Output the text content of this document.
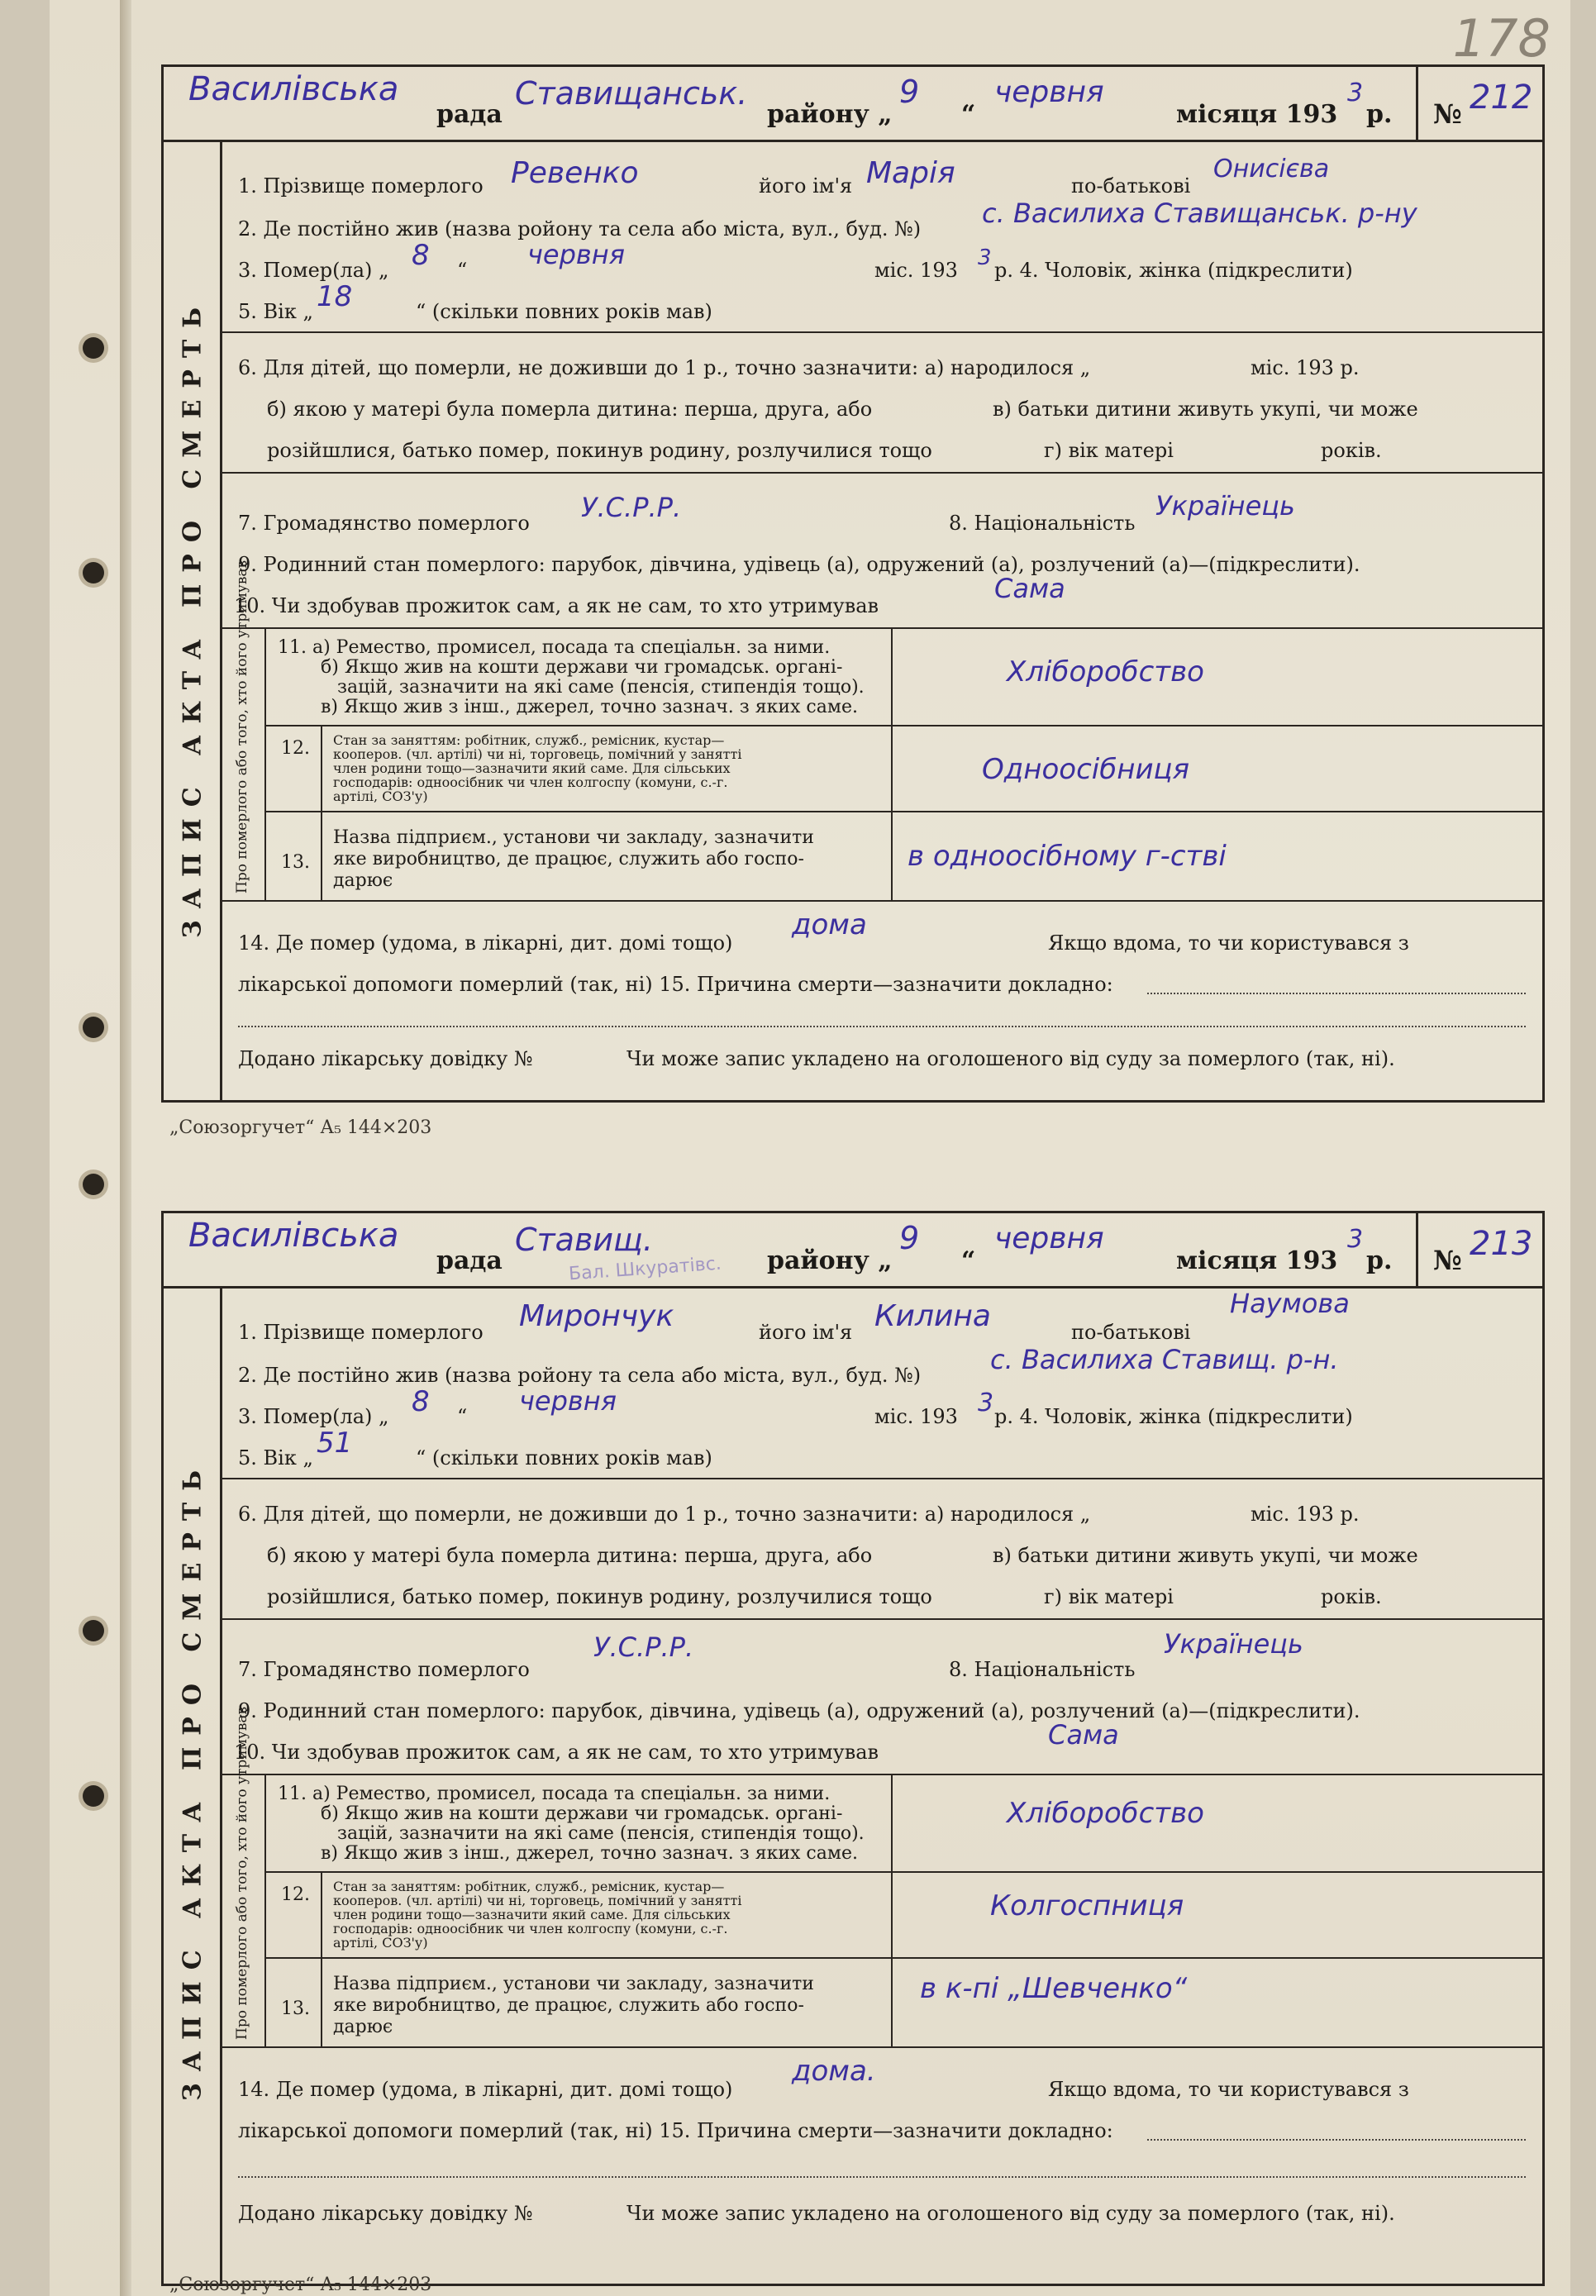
178
Василівська
рада
Ставищанськ.
району „
9
“
червня
місяця 193
3
р. № 212
ЗАПИС АКТА ПРО СМЕРТЬ
1. Прізвище померлого Ревенко	його ім'я Марія	по-батькові
Онисієва
2. Де постійно жив (назва ройону та села або міста, вул., буд. №) с. Василиха Ставищанськ. р-ну
3. Помер(ла) „ 8 “ червня	міс. 193 3 р. 4. Чоловік, жінка (підкреслити)
5. Вік „ 18	“ (скільки повних років мав)
6. Для дітей, що померли, не доживши до 1 р., точно зазначити: а) народилося „	міс. 193 р.
б) якою у матері була померла дитина: перша, друга, або	в) батьки дитини живуть укупі, чи може
розійшлися, батько помер, покинув родину, розлучилися тощо	г) вік матері	років.
7. Громадянство померлого У.С.Р.Р.	8. Національність
Українець
9. Родинний стан померлого: парубок, дівчина, удівець (а), одружений (а), розлучений (а)—(підкреслити).
10. Чи здобував прожиток сам, а як не сам, то хто утримував
Сама
Про померлого або того, хто його утримував 11. а) Ремество, промисел, посада та спеціальн. за ними.
б) Якщо жив на кошти держави чи громадськ. органі-
зацій, зазначити на які саме (пенсія, стипендія тощо).
в) Якщо жив з інш., джерел, точно зазнач. з яких саме.
Хліборобство
12. Стан за заняттям: робітник, служб., ремісник, кустар—
кооперов. (чл. артілі) чи ні, торговець, помічний у занятті
член родини тощо—зазначити який саме. Для сільських
господарів: одноосібник чи член колгоспу (комуни, с.-г.
артілі, СОЗ'у)
Одноосібниця
13.
Назва підприєм., установи чи закладу, зазначити
яке виробництво, де працює, служить або госпо-
дарює
в одноосібному г-стві
14. Де помер (удома, в лікарні, дит. домі тощо)
дома
Якщо вдома, то чи користувався з
лікарської допомоги померлий (так, ні) 15. Причина смерти—зазначити докладно:
Додано лікарську довідку №	Чи може запис укладено на оголошеного від суду за померлого (так, ні).
„Союзоргучет“ А₅ 144×203
Василівська
рада
Ставищ.
Бал. Шкуратівс. району „
9
“
червня
місяця 193
3
р. № 213
ЗАПИС АКТА ПРО СМЕРТЬ
1. Прізвище померлого Мирончук	його ім'я Килина	по-батькові
Наумова
2. Де постійно жив (назва ройону та села або міста, вул., буд. №)	с. Василиха Ставищ. р-н.
3. Помер(ла) „ 8 “ червня	міс. 193 3 р. 4. Чоловік, жінка (підкреслити)
5. Вік „ 51	“ (скільки повних років мав)
6. Для дітей, що померли, не доживши до 1 р., точно зазначити: а) народилося „	міс. 193 р.
б) якою у матері була померла дитина: перша, друга, або	в) батьки дитини живуть укупі, чи може
розійшлися, батько помер, покинув родину, розлучилися тощо	г) вік матері	років.
7. Громадянство померлого
У.С.Р.Р.
8. Національність
Українець
9. Родинний стан померлого: парубок, дівчина, удівець (а), одружений (а), розлучений (а)—(підкреслити).
10. Чи здобував прожиток сам, а як не сам, то хто утримував
Сама
Про померлого або того, хто його утримував 11. а) Ремество, промисел, посада та спеціальн. за ними.
б) Якщо жив на кошти держави чи громадськ. органі-
зацій, зазначити на які саме (пенсія, стипендія тощо).
в) Якщо жив з інш., джерел, точно зазнач. з яких саме.
Хліборобство
12. Стан за заняттям: робітник, служб., ремісник, кустар—
кооперов. (чл. артілі) чи ні, торговець, помічний у занятті
член родини тощо—зазначити який саме. Для сільських
господарів: одноосібник чи член колгоспу (комуни, с.-г.
артілі, СОЗ'у)
Колгоспниця
13.
Назва підприєм., установи чи закладу, зазначити
яке виробництво, де працює, служить або госпо-
дарює
в к-пі „Шевченко“
14. Де помер (удома, в лікарні, дит. домі тощо)
дома.
Якщо вдома, то чи користувався з
лікарської допомоги померлий (так, ні) 15. Причина смерти—зазначити докладно:
Додано лікарську довідку №	Чи може запис укладено на оголошеного від суду за померлого (так, ні).
„Союзоргучет“ А₅ 144×203
